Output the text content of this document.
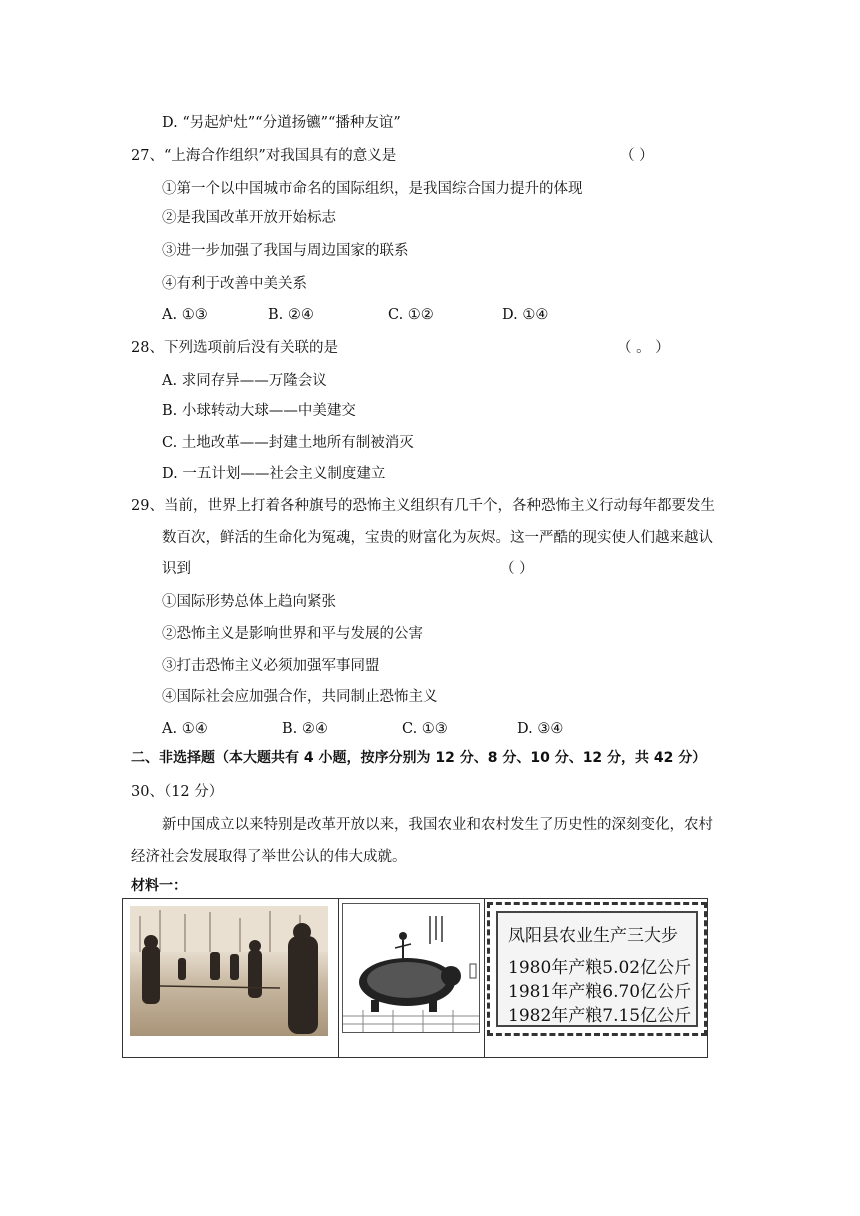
D. “另起炉灶”“分道扬镳”“播种友谊”
27、“上海合作组织”对我国具有的意义是	（ ）
①第一个以中国城市命名的国际组织，是我国综合国力提升的体现
②是我国改革开放开始标志
③进一步加强了我国与周边国家的联系
④有利于改善中美关系
A. ①③	B. ②④	C. ①②	D. ①④
28、下列选项前后没有关联的是	（ 。 ）
A. 求同存异——万隆会议
B. 小球转动大球——中美建交
C. 土地改革——封建土地所有制被消灭
D. 一五计划——社会主义制度建立
29、当前，世界上打着各种旗号的恐怖主义组织有几千个，各种恐怖主义行动每年都要发生
数百次，鲜活的生命化为冤魂，宝贵的财富化为灰烬。这一严酷的现实使人们越来越认
识到	（ ）
①国际形势总体上趋向紧张
②恐怖主义是影响世界和平与发展的公害
③打击恐怖主义必须加强军事同盟
④国际社会应加强合作，共同制止恐怖主义
A. ①④	B. ②④	C. ①③	D. ③④
二、非选择题（本大题共有 4 小题，按序分别为 12 分、8 分、10 分、12 分，共 42 分）
30、（12 分）
新中国成立以来特别是改革开放以来，我国农业和农村发生了历史性的深刻变化，农村
经济社会发展取得了举世公认的伟大成就。
材料一：
凤阳县农业生产三大步
1980年产粮5.02亿公斤
1981年产粮6.70亿公斤
1982年产粮7.15亿公斤
